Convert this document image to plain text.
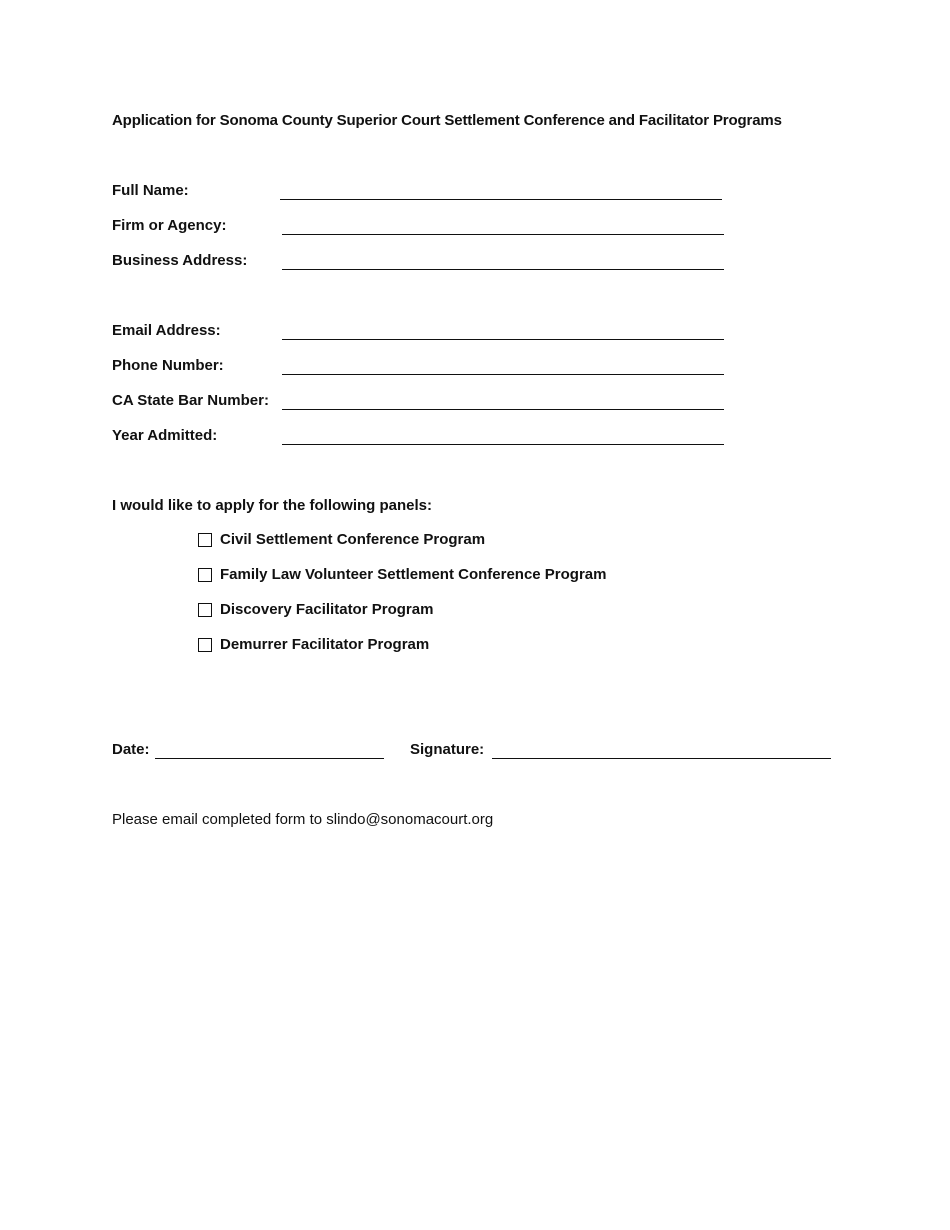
Application for Sonoma County Superior Court Settlement Conference and Facilitator Programs
Full Name:
Firm or Agency:
Business Address:
Email Address:
Phone Number:
CA State Bar Number:
Year Admitted:
I would like to apply for the following panels:
Civil Settlement Conference Program
Family Law Volunteer Settlement Conference Program
Discovery Facilitator Program
Demurrer Facilitator Program
Date:	Signature:
Please email completed form to slindo@sonomacourt.org
